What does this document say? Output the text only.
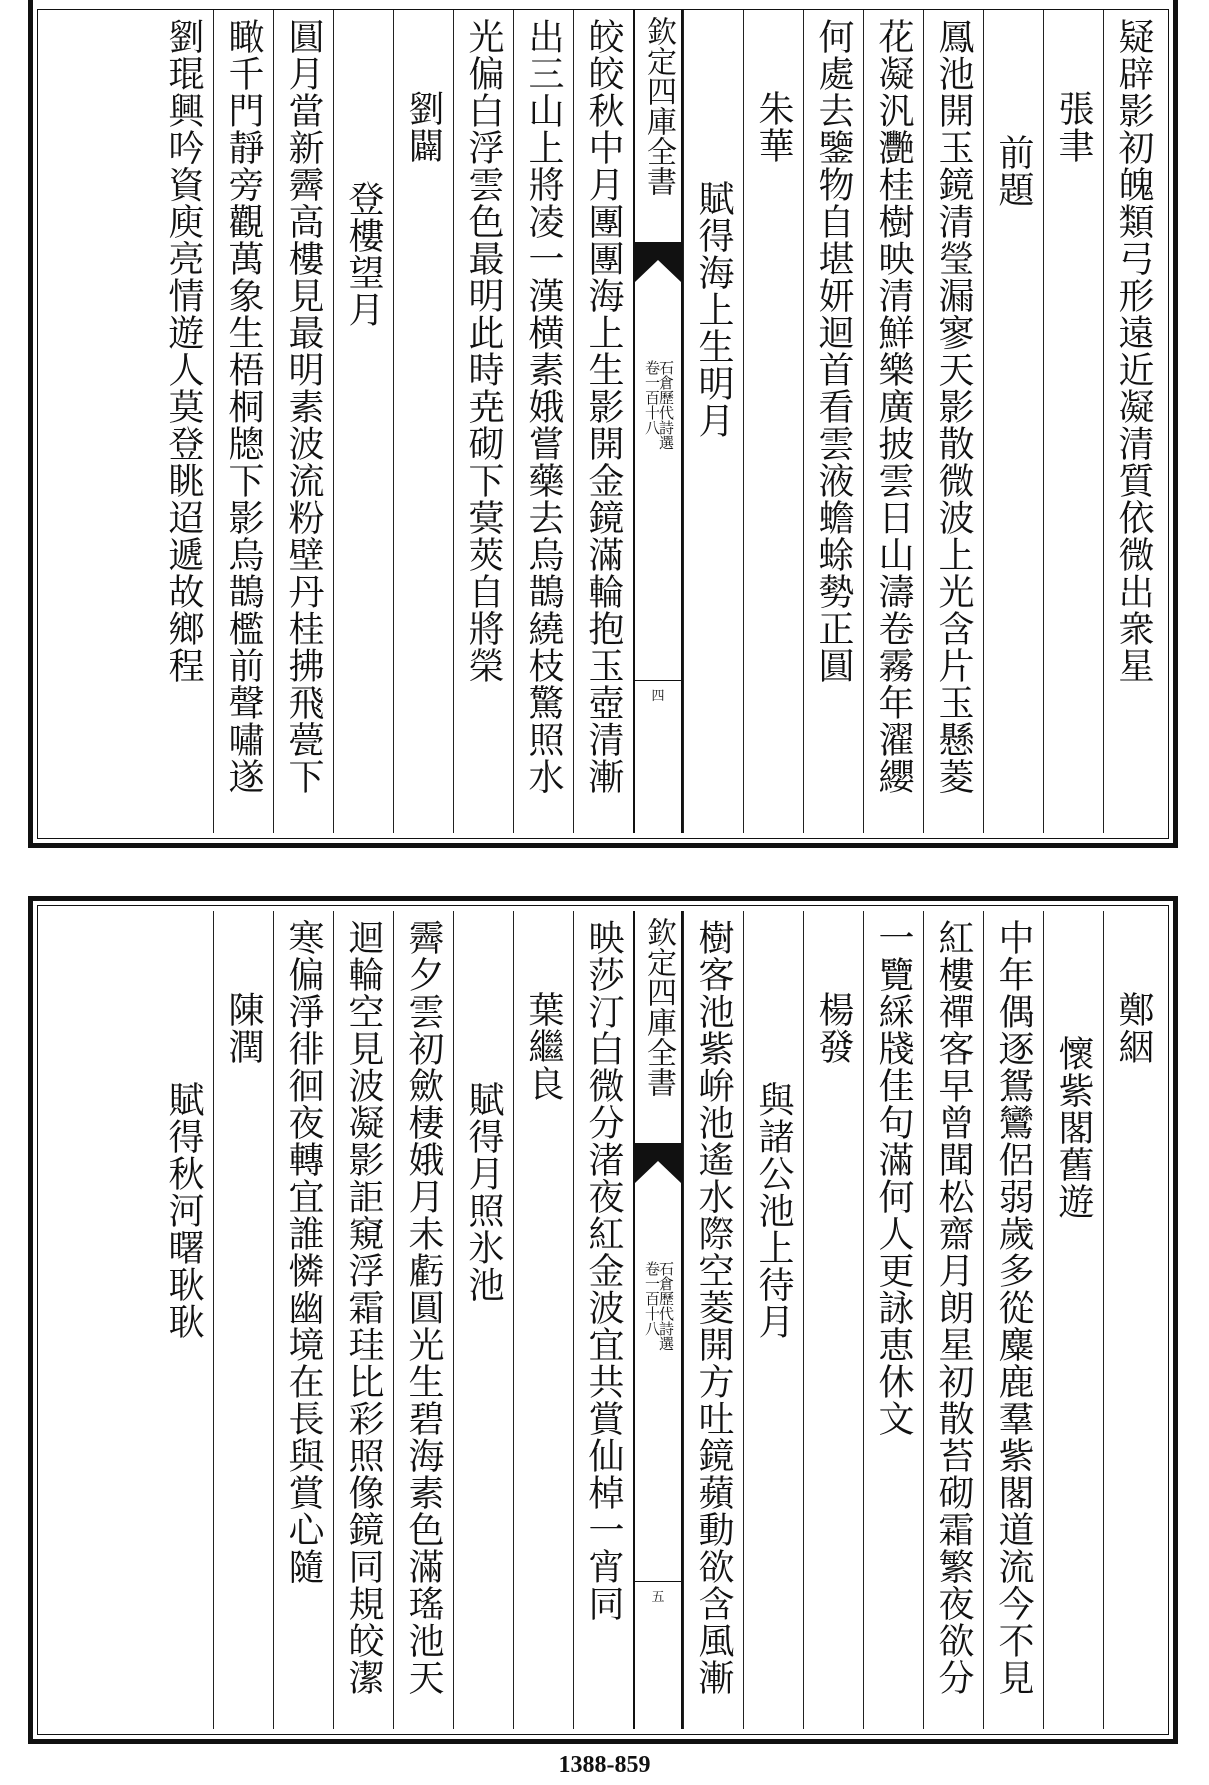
疑辟影初魄類弓形遠近凝清質依微出衆星
張聿
前題
鳳池開玉鏡清瑩漏寥天影散微波上光含片玉懸菱
花凝汎灧桂樹映清鮮樂廣披雲日山濤卷霧年濯纓
何處去鑒物自堪妍迴首看雲液蟾蜍勢正圓
朱華
賦得海上生明月
欽定四庫全書
石倉歷代詩選
卷一百十八
四
皎皎秋中月團團海上生影開金鏡滿輪抱玉壺清漸
出三山上將凌一漢横素娥嘗藥去烏鵲繞枝驚照水
光偏白浮雲色最明此時尭砌下蓂莢自將榮
劉闢
登樓望月
圓月當新霽高樓見最明素波流粉壁丹桂拂飛甍下
瞰千門靜旁觀萬象生梧桐牕下影烏鵲檻前聲嘯遂
劉琨興吟資庾亮情遊人莫登眺迢遞故鄉程
鄭絪
懷紫閣舊遊
中年偶逐鴛鸞侶弱歲多從麋鹿羣紫閣道流今不見
紅樓禪客早曾聞松齋月朗星初散苔砌霜繁夜欲分
一覽綵牋佳句滿何人更詠恵休文
楊發
與諸公池上待月
樹客池紫峅池遙水際空菱開方吐鏡蘋動欲含風漸
欽定四庫全書
石倉歷代詩選
卷一百十八
五
映莎汀白微分渚夜紅金波宜共賞仙棹一宵同
葉繼良
賦得月照氷池
霽夕雲初歛棲娥月未虧圓光生碧海素色滿瑤池天
迴輪空見波凝影詎窺浮霜珪比彩照像鏡同規皎潔
寒偏淨徘徊夜轉宜誰憐幽境在長與賞心隨
陳潤
賦得秋河曙耿耿
1388-859
